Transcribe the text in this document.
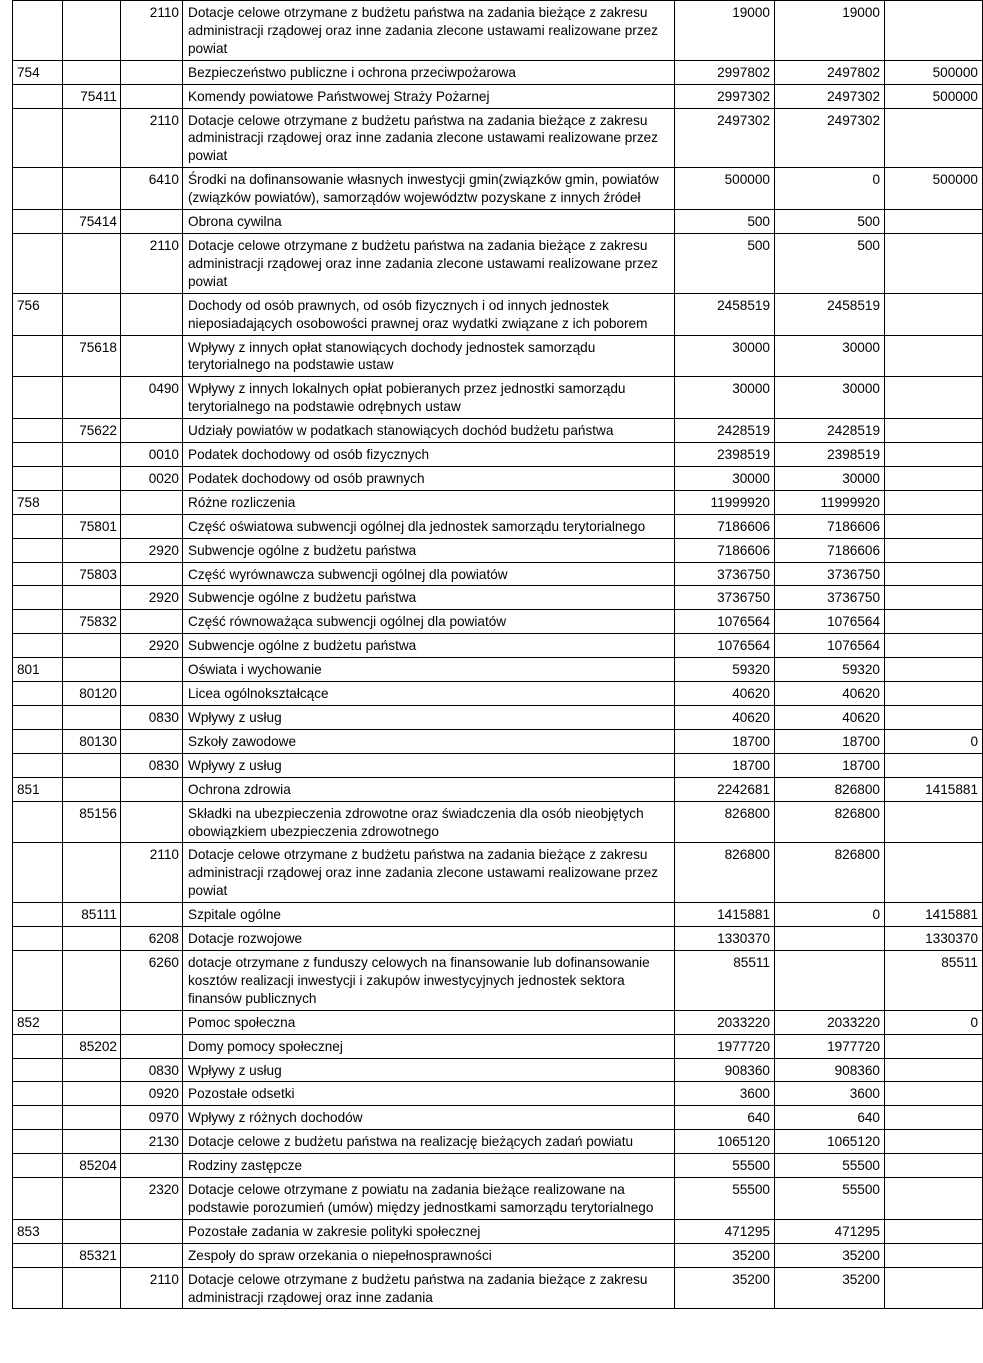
		2110	Dotacje celowe otrzymane z budżetu państwa na zadania bieżące z zakresu administracji rządowej oraz inne zadania zlecone ustawami realizowane przez powiat	19000	19000	
754			Bezpieczeństwo publiczne i ochrona przeciwpożarowa	2997802	2497802	500000
	75411		Komendy powiatowe Państwowej Straży Pożarnej	2997302	2497302	500000
		2110	Dotacje celowe otrzymane z budżetu państwa na zadania bieżące z zakresu administracji rządowej oraz inne zadania zlecone ustawami realizowane przez powiat	2497302	2497302	
		6410	Środki na dofinansowanie własnych inwestycji gmin(związków gmin, powiatów (związków powiatów), samorządów województw pozyskane z innych źródeł	500000	0	500000
	75414		Obrona cywilna	500	500	
		2110	Dotacje celowe otrzymane z budżetu państwa na zadania bieżące z zakresu administracji rządowej oraz inne zadania zlecone ustawami realizowane przez powiat	500	500	
756			Dochody od osób prawnych, od osób fizycznych i od innych jednostek nieposiadających osobowości prawnej oraz wydatki związane z ich poborem	2458519	2458519	
	75618		Wpływy z innych opłat stanowiących dochody jednostek samorządu terytorialnego na podstawie ustaw	30000	30000	
		0490	Wpływy z innych lokalnych opłat pobieranych przez jednostki samorządu terytorialnego na podstawie odrębnych ustaw	30000	30000	
	75622		Udziały powiatów w podatkach stanowiących dochód budżetu państwa	2428519	2428519	
		0010	Podatek dochodowy od osób fizycznych	2398519	2398519	
		0020	Podatek dochodowy od osób prawnych	30000	30000	
758			Różne rozliczenia	11999920	11999920	
	75801		Część oświatowa subwencji ogólnej dla jednostek samorządu terytorialnego	7186606	7186606	
		2920	Subwencje ogólne z budżetu państwa	7186606	7186606	
	75803		Część wyrównawcza subwencji ogólnej dla powiatów	3736750	3736750	
		2920	Subwencje ogólne z budżetu państwa	3736750	3736750	
	75832		Część równoważąca subwencji ogólnej dla powiatów	1076564	1076564	
		2920	Subwencje ogólne z budżetu państwa	1076564	1076564	
801			Oświata i wychowanie	59320	59320	
	80120		Licea ogólnokształcące	40620	40620	
		0830	Wpływy z usług	40620	40620	
	80130		Szkoły zawodowe	18700	18700	0
		0830	Wpływy z usług	18700	18700	
851			Ochrona zdrowia	2242681	826800	1415881
	85156		Składki na ubezpieczenia zdrowotne oraz świadczenia dla osób nieobjętych obowiązkiem ubezpieczenia zdrowotnego	826800	826800	
		2110	Dotacje celowe otrzymane z budżetu państwa na zadania bieżące z zakresu administracji rządowej oraz inne zadania zlecone ustawami realizowane przez powiat	826800	826800	
	85111		Szpitale ogólne	1415881	0	1415881
		6208	Dotacje rozwojowe	1330370		1330370
		6260	dotacje otrzymane z funduszy celowych na finansowanie lub dofinansowanie kosztów realizacji inwestycji i zakupów inwestycyjnych jednostek sektora finansów publicznych	85511		85511
852			Pomoc społeczna	2033220	2033220	0
	85202		Domy pomocy społecznej	1977720	1977720	
		0830	Wpływy z usług	908360	908360	
		0920	Pozostałe odsetki	3600	3600	
		0970	Wpływy z różnych dochodów	640	640	
		2130	Dotacje celowe z budżetu państwa na realizację bieżących zadań powiatu	1065120	1065120	
	85204		Rodziny zastępcze	55500	55500	
		2320	Dotacje celowe otrzymane z powiatu na zadania bieżące realizowane na podstawie porozumień (umów) między jednostkami samorządu terytorialnego	55500	55500	
853			Pozostałe zadania w zakresie polityki społecznej	471295	471295	
	85321		Zespoły do spraw orzekania o niepełnosprawności	35200	35200	
		2110	Dotacje celowe otrzymane z budżetu państwa na zadania bieżące z zakresu administracji rządowej oraz inne zadania	35200	35200	
